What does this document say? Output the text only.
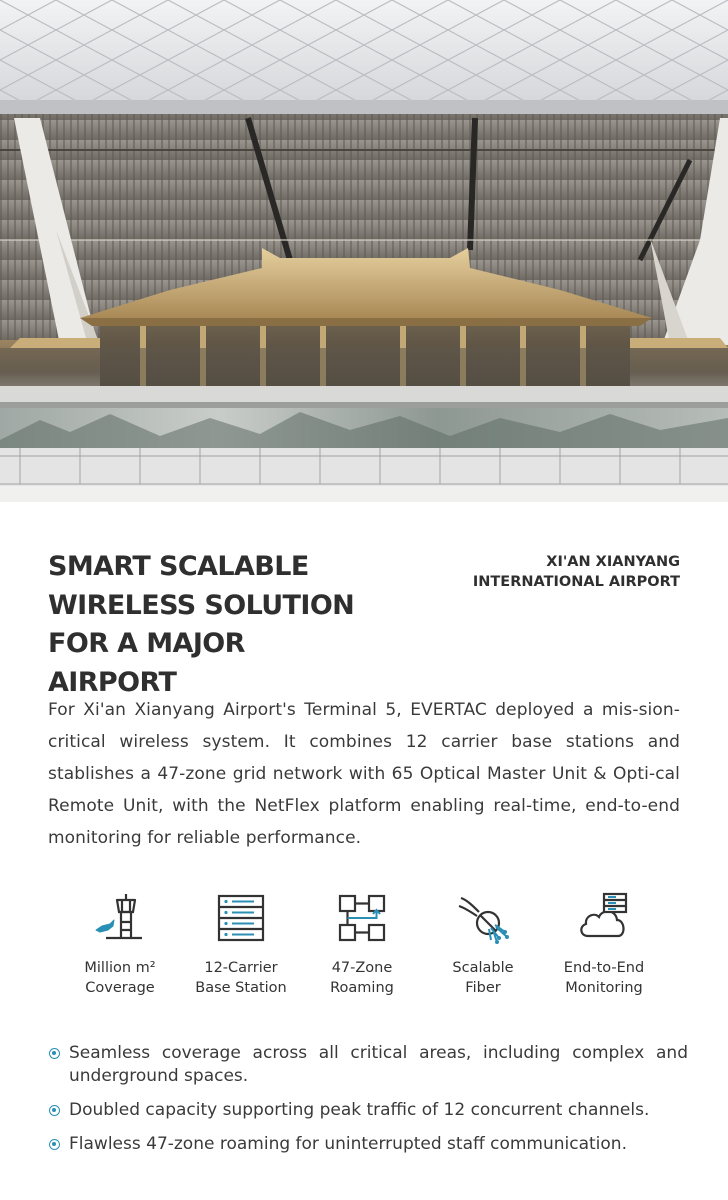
SMART SCALABLE
WIRELESS SOLUTION
FOR A MAJOR AIRPORT
XI'AN XIANYANG
INTERNATIONAL AIRPORT

For Xi'an Xianyang Airport's Terminal 5, EVERTAC deployed a mis-sion-critical wireless system. It combines 12 carrier base stations and stablishes a 47-zone grid network with 65 Optical Master Unit & Opti-cal Remote Unit, with the NetFlex platform enabling real-time, end-to-end monitoring for reliable performance.

Million m²
Coverage
12-Carrier
Base Station
47-Zone
Roaming
Scalable
Fiber
End-to-End
Monitoring
Seamless coverage across all critical areas, including complex and underground spaces.
Doubled capacity supporting peak traffic of 12 concurrent channels.
Flawless 47-zone roaming for uninterrupted staff communication.
